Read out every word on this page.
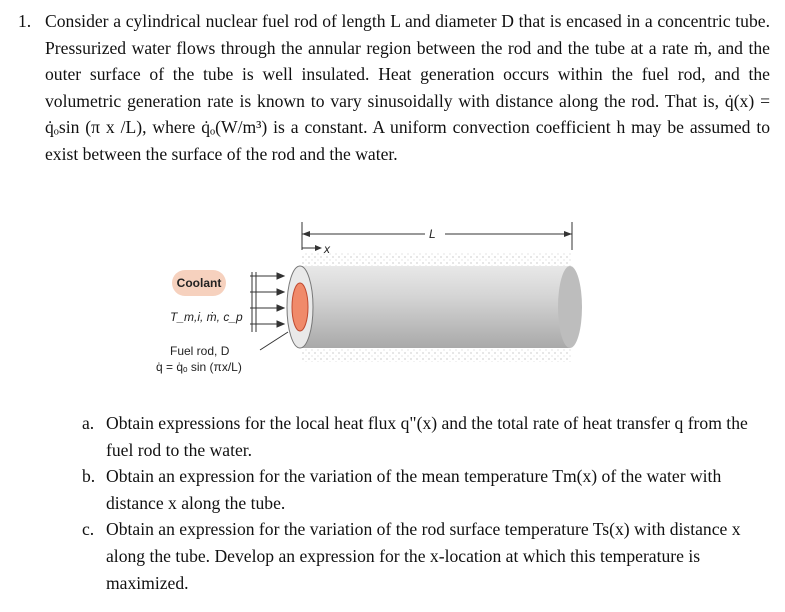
1. Consider a cylindrical nuclear fuel rod of length L and diameter D that is encased in a concentric tube. Pressurized water flows through the annular region between the rod and the tube at a rate ṁ, and the outer surface of the tube is well insulated. Heat generation occurs within the fuel rod, and the volumetric generation rate is known to vary sinusoidally with distance along the rod. That is, q̇(x) = q̇ₒsin (π x /L), where q̇ₒ(W/m³) is a constant. A uniform convection coefficient h may be assumed to exist between the surface of the rod and the water.
Coolant
T_m,i, ṁ, c_p
Fuel rod, D
q̇ = q̇ₒ sin (πx/L)
L
x
a. Obtain expressions for the local heat flux q"(x) and the total rate of heat transfer q from the fuel rod to the water.
b. Obtain an expression for the variation of the mean temperature Tm(x) of the water with distance x along the tube.
c. Obtain an expression for the variation of the rod surface temperature Ts(x) with distance x along the tube. Develop an expression for the x-location at which this temperature is maximized.
